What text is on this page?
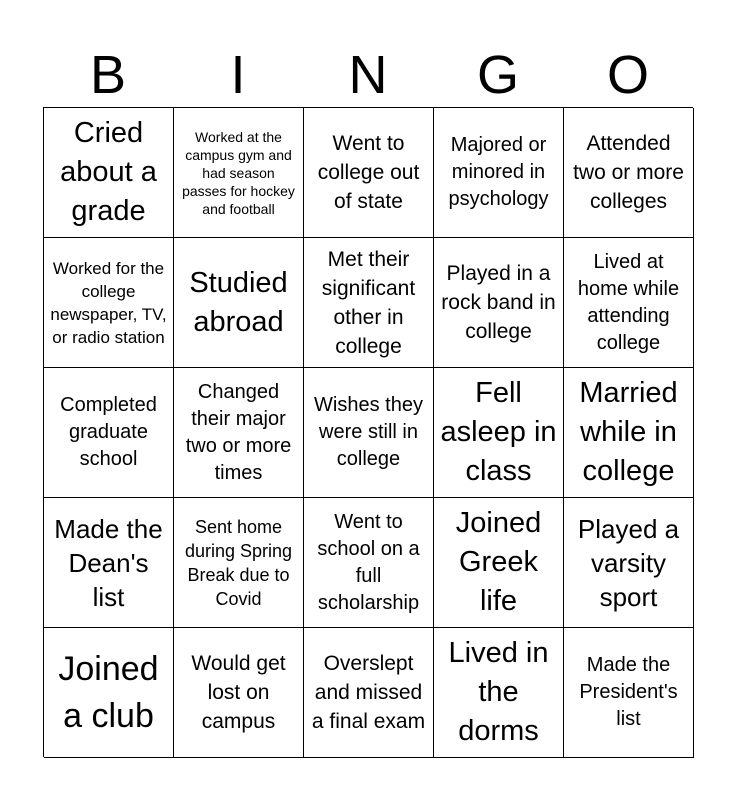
B	I	N	G	O
Cried about a grade
Worked at the campus gym and had season passes for hockey and football
Went to college out of state
Majored or minored in psychology
Attended two or more colleges
Worked for the college newspaper, TV, or radio station
Studied abroad
Met their significant other in college
Played in a rock band in college
Lived at home while attending college
Completed graduate school
Changed their major two or more times
Wishes they were still in college
Fell asleep in class
Married while in college
Made the Dean's list
Sent home during Spring Break due to Covid
Went to school on a full scholarship
Joined Greek life
Played a varsity sport
Joined a club
Would get lost on campus
Overslept and missed a final exam
Lived in the dorms
Made the President's list
